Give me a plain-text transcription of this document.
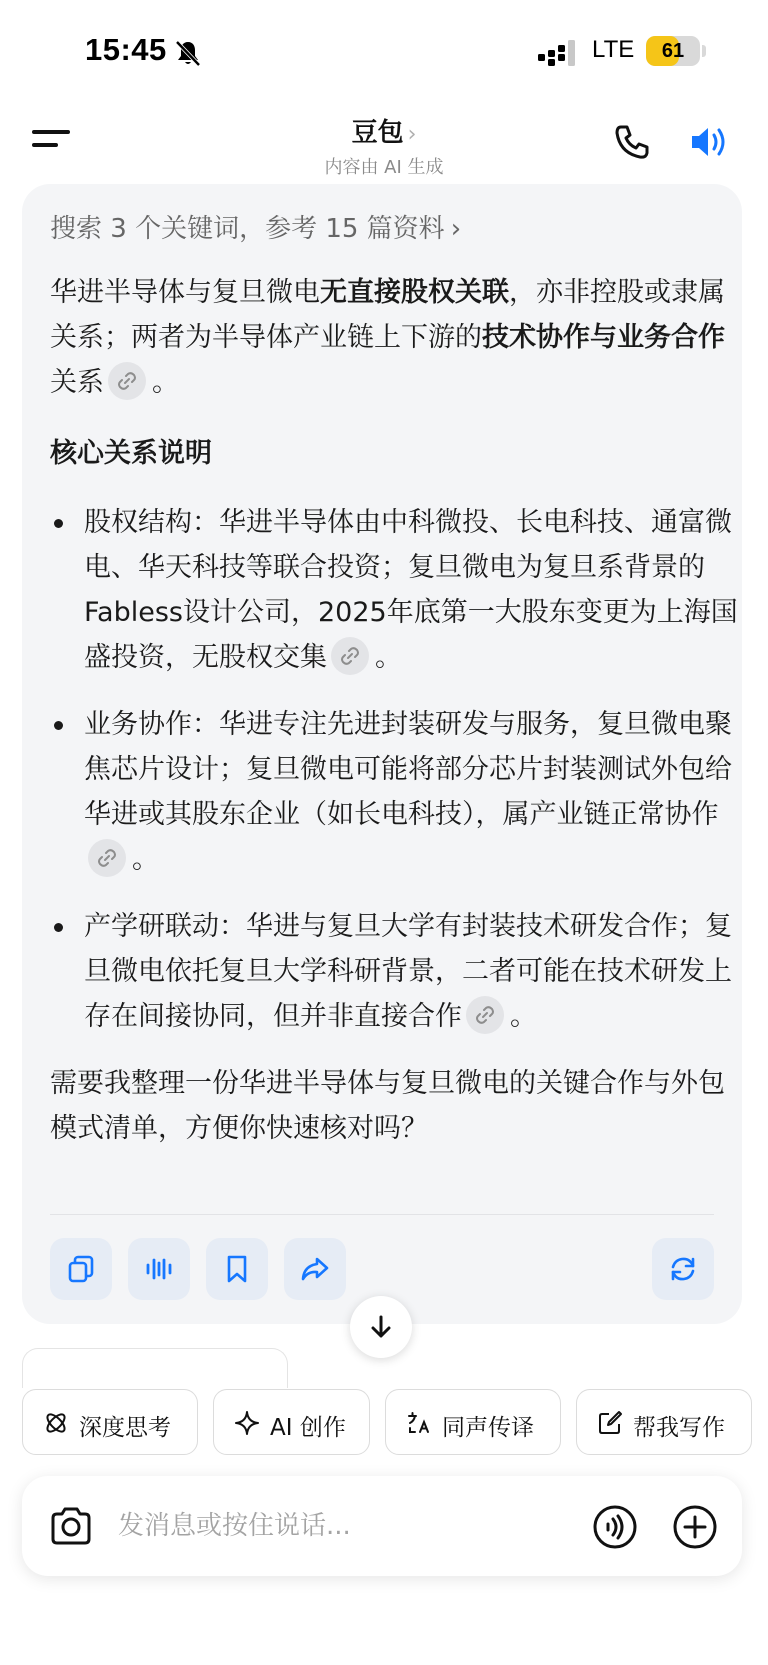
15:45	LTE	61
豆包 ›
内容由 AI 生成
搜索 3 个关键词，参考 15 篇资料 ›

华进半导体与复旦微电无直接股权关联，亦非控股或隶属关系；两者为半导体产业链上下游的技术协作与业务合作关系 。

核心关系说明

股权结构：华进半导体由中科微投、长电科技、通富微电、华天科技等联合投资；复旦微电为复旦系背景的Fabless设计公司，2025年底第一大股东变更为上海国盛投资，无股权交集 。
业务协作：华进专注先进封装研发与服务，复旦微电聚焦芯片设计；复旦微电可能将部分芯片封装测试外包给华进或其股东企业（如长电科技），属产业链正常协作
。
产学研联动：华进与复旦大学有封装技术研发合作；复旦微电依托复旦大学科研背景，二者可能在技术研发上存在间接协同，但并非直接合作 。

需要我整理一份华进半导体与复旦微电的关键合作与外包模式清单，方便你快速核对吗？

深度思考	AI 创作	同声传译	帮我写作
发消息或按住说话...
